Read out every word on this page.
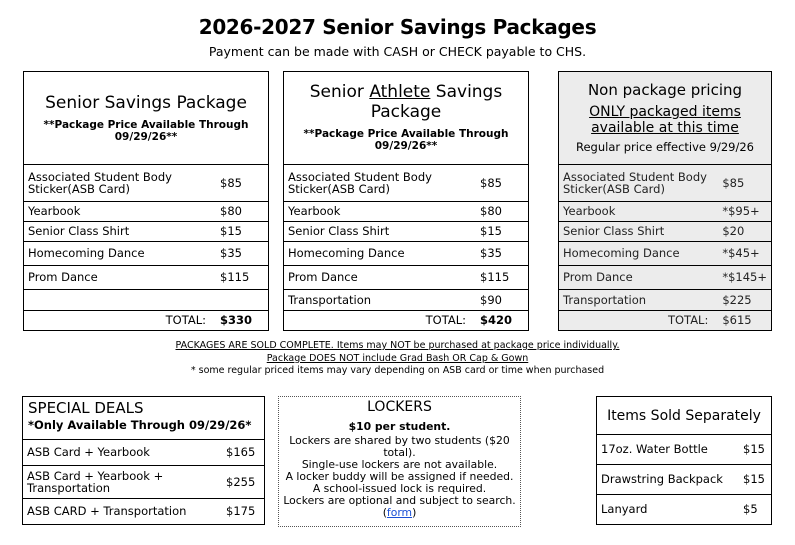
2026-2027 Senior Savings Packages
Payment can be made with CASH or CHECK payable to CHS.
Senior Savings Package
**Package Price Available Through 09/29/26**
Associated Student Body Sticker(ASB Card)	$85
Yearbook	$80
Senior Class Shirt	$15
Homecoming Dance	$35
Prom Dance	$115

TOTAL:	$330
Senior Athlete Savings Package
**Package Price Available Through 09/29/26**
Associated Student Body Sticker(ASB Card)	$85
Yearbook	$80
Senior Class Shirt	$15
Homecoming Dance	$35
Prom Dance	$115
Transportation	$90
TOTAL:	$420
Non package pricing
ONLY packaged items available at this time
Regular price effective 9/29/26
Associated Student Body Sticker(ASB Card)	$85
Yearbook	*$95+
Senior Class Shirt	$20
Homecoming Dance	*$45+
Prom Dance	*$145+
Transportation	$225
TOTAL:	$615
PACKAGES ARE SOLD COMPLETE. Items may NOT be purchased at package price individually.
Package DOES NOT include Grad Bash OR Cap & Gown
* some regular priced items may vary depending on ASB card or time when purchased
SPECIAL DEALS
*Only Available Through 09/29/26*
ASB Card + Yearbook	$165
ASB Card + Yearbook + Transportation	$255
ASB CARD + Transportation	$175
LOCKERS
$10 per student.
Lockers are shared by two students ($20 total).
Single-use lockers are not available.
A locker buddy will be assigned if needed.
A school-issued lock is required.
Lockers are optional and subject to search.
(form)
Items Sold Separately
17oz. Water Bottle	$15
Drawstring Backpack	$15
Lanyard	$5
